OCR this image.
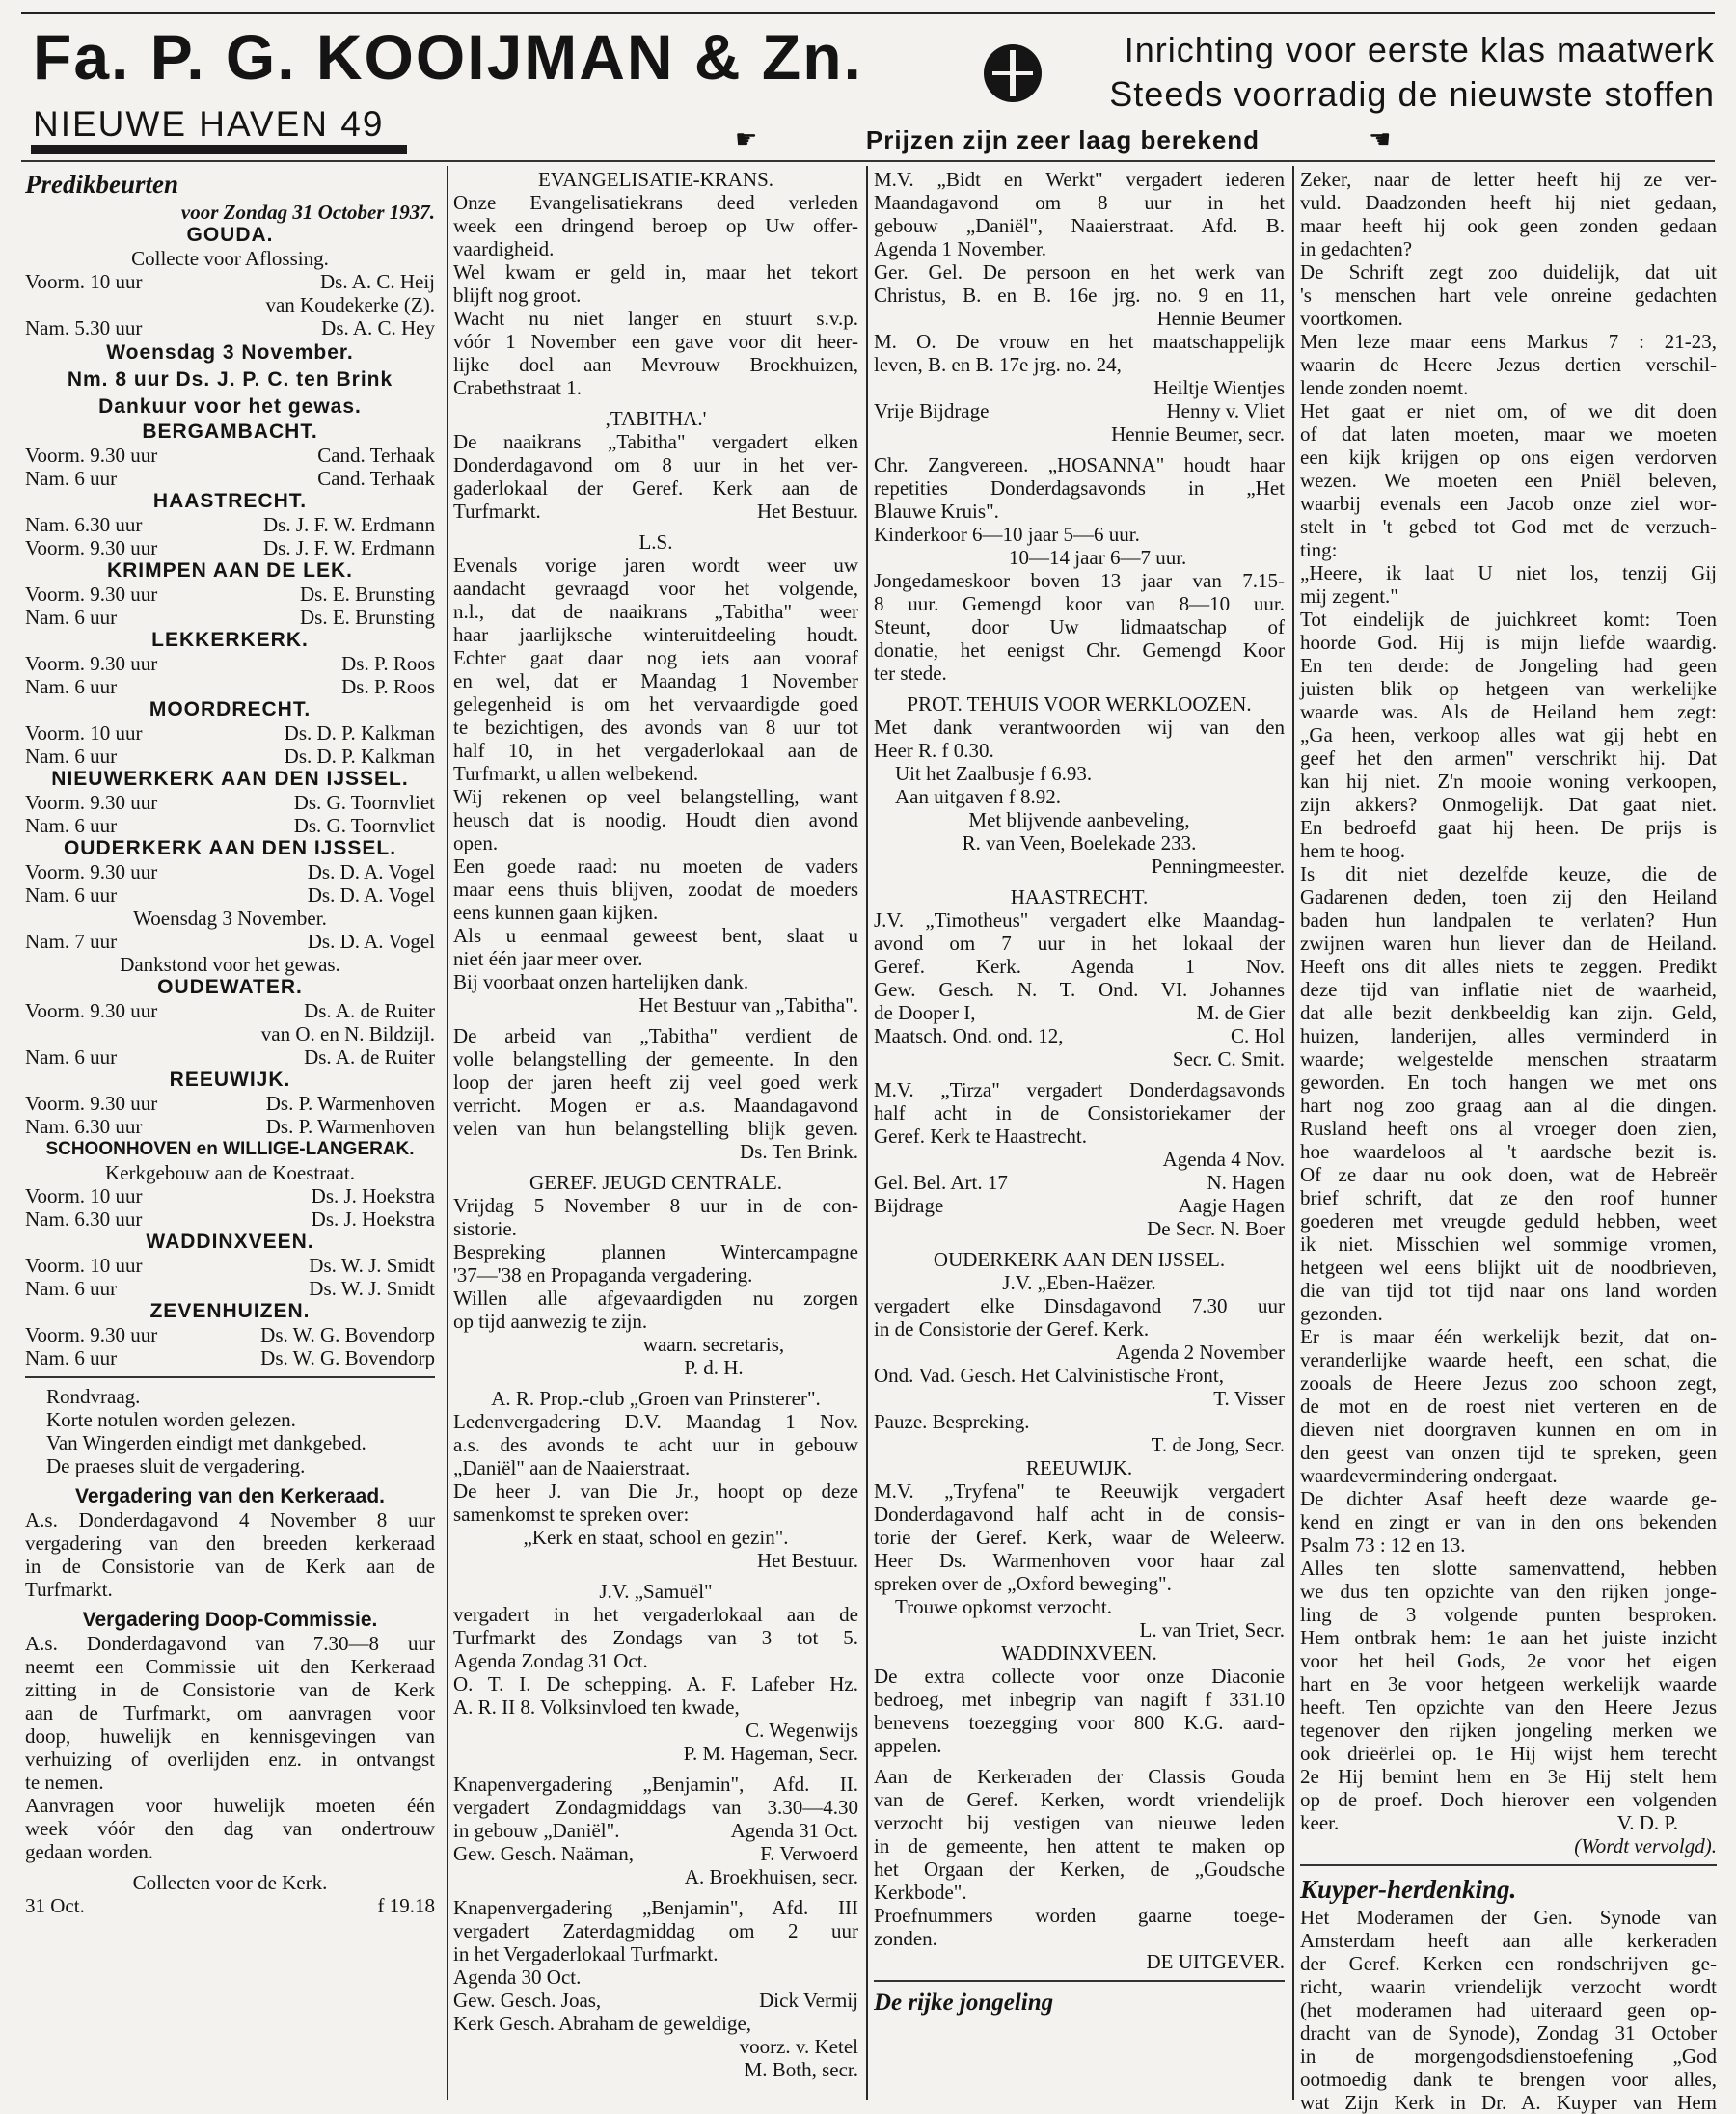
Fa. P. G. KOOIJMAN & Zn.
NIEUWE HAVEN 49
Inrichting voor eerste klas maatwerk
Steeds voorradig de nieuwste stoffen
☛	Prijzen zijn zeer laag berekend	☛
Predikbeurten
voor Zondag 31 October 1937.
GOUDA.
Collecte voor Aflossing.
Voorm. 10 uur	Ds. A. C. Heij
van Koudekerke (Z).
Nam. 5.30 uur	Ds. A. C. Hey
Woensdag 3 November.
Nm. 8 uur Ds. J. P. C. ten Brink
Dankuur voor het gewas.
BERGAMBACHT.
Voorm. 9.30 uur	Cand. Terhaak
Nam. 6 uur	Cand. Terhaak
HAASTRECHT.
Nam. 6.30 uur	Ds. J. F. W. Erdmann
Voorm. 9.30 uur	Ds. J. F. W. Erdmann
KRIMPEN AAN DE LEK.
Voorm. 9.30 uur	Ds. E. Brunsting
Nam. 6 uur	Ds. E. Brunsting
LEKKERKERK.
Voorm. 9.30 uur	Ds. P. Roos
Nam. 6 uur	Ds. P. Roos
MOORDRECHT.
Voorm. 10 uur	Ds. D. P. Kalkman
Nam. 6 uur	Ds. D. P. Kalkman
NIEUWERKERK AAN DEN IJSSEL.
Voorm. 9.30 uur	Ds. G. Toornvliet
Nam. 6 uur	Ds. G. Toornvliet
OUDERKERK AAN DEN IJSSEL.
Voorm. 9.30 uur	Ds. D. A. Vogel
Nam. 6 uur	Ds. D. A. Vogel
Woensdag 3 November.
Nam. 7 uur	Ds. D. A. Vogel
Dankstond voor het gewas.
OUDEWATER.
Voorm. 9.30 uur	Ds. A. de Ruiter
van O. en N. Bildzijl.
Nam. 6 uur	Ds. A. de Ruiter
REEUWIJK.
Voorm. 9.30 uur	Ds. P. Warmenhoven
Nam. 6.30 uur	Ds. P. Warmenhoven
SCHOONHOVEN en WILLIGE-LANGERAK.
Kerkgebouw aan de Koestraat.
Voorm. 10 uur	Ds. J. Hoekstra
Nam. 6.30 uur	Ds. J. Hoekstra
WADDINXVEEN.
Voorm. 10 uur	Ds. W. J. Smidt
Nam. 6 uur	Ds. W. J. Smidt
ZEVENHUIZEN.
Voorm. 9.30 uur	Ds. W. G. Bovendorp
Nam. 6 uur	Ds. W. G. Bovendorp
Rondvraag.
Korte notulen worden gelezen.
Van Wingerden eindigt met dankgebed.
De praeses sluit de vergadering.
Vergadering van den Kerkeraad.
A.s. Donderdagavond 4 November 8 uur
vergadering van den breeden kerkeraad
in de Consistorie van de Kerk aan de
Turfmarkt.
Vergadering Doop-Commissie.
A.s. Donderdagavond van 7.30—8 uur
neemt een Commissie uit den Kerkeraad
zitting in de Consistorie van de Kerk
aan de Turfmarkt, om aanvragen voor
doop, huwelijk en kennisgevingen van
verhuizing of overlijden enz. in ontvangst
te nemen.
Aanvragen voor huwelijk moeten één
week vóór den dag van ondertrouw
gedaan worden.
Collecten voor de Kerk.
31 Oct.	f 19.18
EVANGELISATIE-KRANS.
Onze Evangelisatiekrans deed verleden
week een dringend beroep op Uw offer-
vaardigheid.
Wel kwam er geld in, maar het tekort
blijft nog groot.
Wacht nu niet langer en stuurt s.v.p.
vóór 1 November een gave voor dit heer-
lijke doel aan Mevrouw Broekhuizen,
Crabethstraat 1.
,TABITHA.'
De naaikrans „Tabitha" vergadert elken
Donderdagavond om 8 uur in het ver-
gaderlokaal der Geref. Kerk aan de
Turfmarkt.	Het Bestuur.
L.S.
Evenals vorige jaren wordt weer uw
aandacht gevraagd voor het volgende,
n.l., dat de naaikrans „Tabitha" weer
haar jaarlijksche winteruitdeeling houdt.
Echter gaat daar nog iets aan vooraf
en wel, dat er Maandag 1 November
gelegenheid is om het vervaardigde goed
te bezichtigen, des avonds van 8 uur tot
half 10, in het vergaderlokaal aan de
Turfmarkt, u allen welbekend.
Wij rekenen op veel belangstelling, want
heusch dat is noodig. Houdt dien avond
open.
Een goede raad: nu moeten de vaders
maar eens thuis blijven, zoodat de moeders
eens kunnen gaan kijken.
Als u eenmaal geweest bent, slaat u
niet één jaar meer over.
Bij voorbaat onzen hartelijken dank.
Het Bestuur van „Tabitha".
De arbeid van „Tabitha" verdient de
volle belangstelling der gemeente. In den
loop der jaren heeft zij veel goed werk
verricht. Mogen er a.s. Maandagavond
velen van hun belangstelling blijk geven.
Ds. Ten Brink.
GEREF. JEUGD CENTRALE.
Vrijdag 5 November 8 uur in de con-
sistorie.
Bespreking plannen Wintercampagne
'37—'38 en Propaganda vergadering.
Willen alle afgevaardigden nu zorgen
op tijd aanwezig te zijn.
waarn. secretaris,
P. d. H.
A. R. Prop.-club „Groen van Prinsterer".
Ledenvergadering D.V. Maandag 1 Nov.
a.s. des avonds te acht uur in gebouw
„Daniël" aan de Naaierstraat.
De heer J. van Die Jr., hoopt op deze
samenkomst te spreken over:
„Kerk en staat, school en gezin".
Het Bestuur.
J.V. „Samuël"
vergadert in het vergaderlokaal aan de
Turfmarkt des Zondags van 3 tot 5.
Agenda Zondag 31 Oct.
O. T. I. De schepping. A. F. Lafeber Hz.
A. R. II 8. Volksinvloed ten kwade,
C. Wegenwijs
P. M. Hageman, Secr.
Knapenvergadering „Benjamin", Afd. II.
vergadert Zondagmiddags van 3.30—4.30
in gebouw „Daniël".	Agenda 31 Oct.
Gew. Gesch. Naäman,	F. Verwoerd
A. Broekhuisen, secr.
Knapenvergadering „Benjamin", Afd. III
vergadert Zaterdagmiddag om 2 uur
in het Vergaderlokaal Turfmarkt.
Agenda 30 Oct.
Gew. Gesch. Joas,	Dick Vermij
Kerk Gesch. Abraham de geweldige,
voorz. v. Ketel
M. Both, secr.
M.V. „Bidt en Werkt" vergadert iederen
Maandagavond om 8 uur in het
gebouw „Daniël", Naaierstraat. Afd. B.
Agenda 1 November.
Ger. Gel. De persoon en het werk van
Christus, B. en B. 16e jrg. no. 9 en 11,
Hennie Beumer
M. O. De vrouw en het maatschappelijk
leven, B. en B. 17e jrg. no. 24,
Heiltje Wientjes
Vrije Bijdrage	Henny v. Vliet
Hennie Beumer, secr.
Chr. Zangvereen. „HOSANNA" houdt haar
repetities Donderdagsavonds in „Het
Blauwe Kruis".
Kinderkoor 6—10 jaar 5—6 uur.
10—14 jaar 6—7 uur.
Jongedameskoor boven 13 jaar van 7.15-
8 uur. Gemengd koor van 8—10 uur.
Steunt, door Uw lidmaatschap of
donatie, het eenigst Chr. Gemengd Koor
ter stede.
PROT. TEHUIS VOOR WERKLOOZEN.
Met dank verantwoorden wij van den
Heer R. f 0.30.
Uit het Zaalbusje f 6.93.
Aan uitgaven f 8.92.
Met blijvende aanbeveling,
R. van Veen, Boelekade 233.
Penningmeester.
HAASTRECHT.
J.V. „Timotheus" vergadert elke Maandag-
avond om 7 uur in het lokaal der
Geref. Kerk. Agenda 1 Nov.
Gew. Gesch. N. T. Ond. VI. Johannes
de Dooper I,	M. de Gier
Maatsch. Ond. ond. 12,	C. Hol
Secr. C. Smit.
M.V. „Tirza" vergadert Donderdagsavonds
half acht in de Consistoriekamer der
Geref. Kerk te Haastrecht.
Agenda 4 Nov.
Gel. Bel. Art. 17	N. Hagen
Bijdrage	Aagje Hagen
De Secr. N. Boer
OUDERKERK AAN DEN IJSSEL.
J.V. „Eben-Haëzer.
vergadert elke Dinsdagavond 7.30 uur
in de Consistorie der Geref. Kerk.
Agenda 2 November
Ond. Vad. Gesch. Het Calvinistische Front,
T. Visser
Pauze. Bespreking.
T. de Jong, Secr.
REEUWIJK.
M.V. „Tryfena" te Reeuwijk vergadert
Donderdagavond half acht in de consis-
torie der Geref. Kerk, waar de Weleerw.
Heer Ds. Warmenhoven voor haar zal
spreken over de „Oxford beweging".
Trouwe opkomst verzocht.
L. van Triet, Secr.
WADDINXVEEN.
De extra collecte voor onze Diaconie
bedroeg, met inbegrip van nagift f 331.10
benevens toezegging voor 800 K.G. aard-
appelen.
Aan de Kerkeraden der Classis Gouda
van de Geref. Kerken, wordt vriendelijk
verzocht bij vestigen van nieuwe leden
in de gemeente, hen attent te maken op
het Orgaan der Kerken, de „Goudsche
Kerkbode".
Proefnummers worden gaarne toege-
zonden.
DE UITGEVER.
De rijke jongeling
Zeker, naar de letter heeft hij ze ver-
vuld. Daadzonden heeft hij niet gedaan,
maar heeft hij ook geen zonden gedaan
in gedachten?
De Schrift zegt zoo duidelijk, dat uit
's menschen hart vele onreine gedachten
voortkomen.
Men leze maar eens Markus 7 : 21-23,
waarin de Heere Jezus dertien verschil-
lende zonden noemt.
Het gaat er niet om, of we dit doen
of dat laten moeten, maar we moeten
een kijk krijgen op ons eigen verdorven
wezen. We moeten een Pniël beleven,
waarbij evenals een Jacob onze ziel wor-
stelt in 't gebed tot God met de verzuch-
ting:
„Heere, ik laat U niet los, tenzij Gij
mij zegent."
Tot eindelijk de juichkreet komt: Toen
hoorde God. Hij is mijn liefde waardig.
En ten derde: de Jongeling had geen
juisten blik op hetgeen van werkelijke
waarde was. Als de Heiland hem zegt:
„Ga heen, verkoop alles wat gij hebt en
geef het den armen" verschrikt hij. Dat
kan hij niet. Z'n mooie woning verkoopen,
zijn akkers? Onmogelijk. Dat gaat niet.
En bedroefd gaat hij heen. De prijs is
hem te hoog.
Is dit niet dezelfde keuze, die de
Gadarenen deden, toen zij den Heiland
baden hun landpalen te verlaten? Hun
zwijnen waren hun liever dan de Heiland.
Heeft ons dit alles niets te zeggen. Predikt
deze tijd van inflatie niet de waarheid,
dat alle bezit denkbeeldig kan zijn. Geld,
huizen, landerijen, alles verminderd in
waarde; welgestelde menschen straatarm
geworden. En toch hangen we met ons
hart nog zoo graag aan al die dingen.
Rusland heeft ons al vroeger doen zien,
hoe waardeloos al 't aardsche bezit is.
Of ze daar nu ook doen, wat de Hebreër
brief schrift, dat ze den roof hunner
goederen met vreugde geduld hebben, weet
ik niet. Misschien wel sommige vromen,
hetgeen wel eens blijkt uit de noodbrieven,
die van tijd tot tijd naar ons land worden
gezonden.
Er is maar één werkelijk bezit, dat on-
veranderlijke waarde heeft, een schat, die
zooals de Heere Jezus zoo schoon zegt,
de mot en de roest niet verteren en de
dieven niet doorgraven kunnen en om in
den geest van onzen tijd te spreken, geen
waardevermindering ondergaat.
De dichter Asaf heeft deze waarde ge-
kend en zingt er van in den ons bekenden
Psalm 73 : 12 en 13.
Alles ten slotte samenvattend, hebben
we dus ten opzichte van den rijken jonge-
ling de 3 volgende punten besproken.
Hem ontbrak hem: 1e aan het juiste inzicht
voor het heil Gods, 2e voor het eigen
hart en 3e voor hetgeen werkelijk waarde
heeft. Ten opzichte van den Heere Jezus
tegenover den rijken jongeling merken we
ook drieërlei op. 1e Hij wijst hem terecht
2e Hij bemint hem en 3e Hij stelt hem
op de proef. Doch hierover een volgenden
keer.	V. D. P.
(Wordt vervolgd).
Kuyper-herdenking.
Het Moderamen der Gen. Synode van
Amsterdam heeft aan alle kerkeraden
der Geref. Kerken een rondschrijven ge-
richt, waarin vriendelijk verzocht wordt
(het moderamen had uiteraard geen op-
dracht van de Synode), Zondag 31 October
in de morgengodsdienstoefening „God
ootmoedig dank te brengen voor alles,
wat Zijn Kerk in Dr. A. Kuyper van Hem
